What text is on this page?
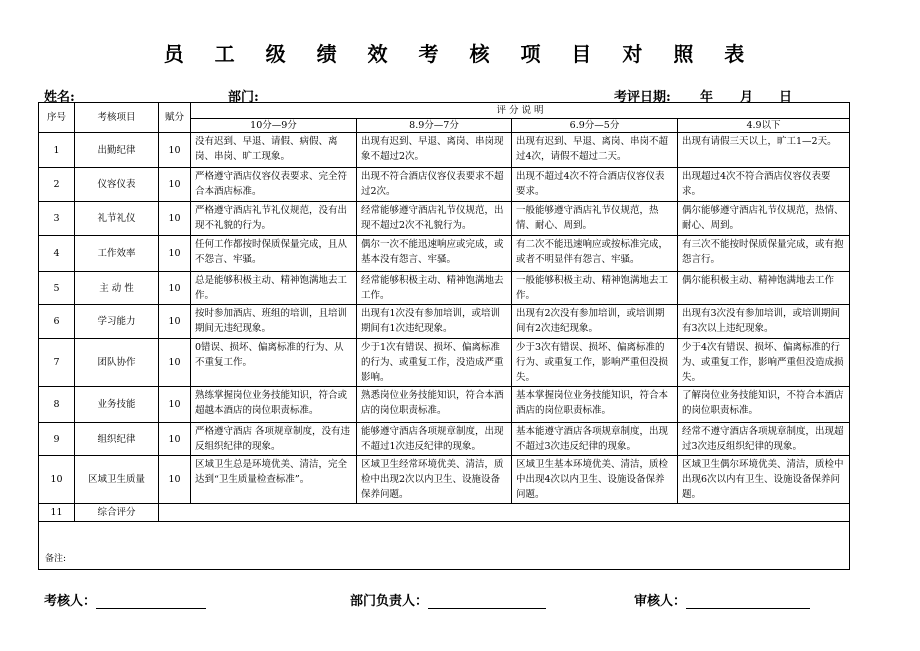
员 工 级 绩 效 考 核 项 目 对 照 表
姓名:	部门:	考评日期: 年 月 日
序号	考核项目	赋分	评 分 说 明			
			10分—9分	8.9分—7分	6.9分—5分	4.9以下
1	出勤纪律	10	没有迟到、早退、请假、病假、离岗、串岗、旷工现象。	出现有迟到、早退、离岗、串岗现象不超过2次。	出现有迟到、早退、离岗、串岗不超过4次，请假不超过二天。	出现有请假三天以上，旷工1—2天。
2	仪容仪表	10	严格遵守酒店仪容仪表要求、完全符合本酒店标准。	出现不符合酒店仪容仪表要求不超过2次。	出现不超过4次不符合酒店仪容仪表要求。	出现超过4次不符合酒店仪容仪表要求。
3	礼节礼仪	10	严格遵守酒店礼节礼仪规范，没有出现不礼貌的行为。	经常能够遵守酒店礼节仪规范，出现不超过2次不礼貌行为。	一般能够遵守酒店礼节仪规范，热情、耐心、周到。	偶尔能够遵守酒店礼节仪规范，热情、耐心、周到。
4	工作效率	10	任何工作都按时保质保量完成，且从不怨言、牢骚。	偶尔一次不能迅速响应或完成，或基本没有怨言、牢骚。	有二次不能迅速响应或按标准完成，或者不明显伴有怨言、牢骚。	有三次不能按时保质保量完成，或有抱怨言行。
5	主 动 性	10	总是能够积极主动、精神饱满地去工作。	经常能够积极主动、精神饱满地去工作。	一般能够积极主动、精神饱满地去工作。	偶尔能积极主动、精神饱满地去工作
6	学习能力	10	按时参加酒店、班组的培训，且培训期间无违纪现象。	出现有1次没有参加培训，或培训期间有1次违纪现象。	出现有2次没有参加培训，或培训期间有2次违纪现象。	出现有3次没有参加培训，或培训期间有3次以上违纪现象。
7	团队协作	10	0错误、损坏、偏离标准的行为、从不重复工作。	少于1次有错误、损坏、偏离标准的行为、或重复工作，没造成严重影响。	少于3次有错误、损坏、偏离标准的行为、或重复工作，影响严重但没损失。	少于4次有错误、损坏、偏离标准的行为、或重复工作，影响严重但没造成损失。
8	业务技能	10	熟练掌握岗位业务技能知识，符合或超越本酒店的岗位职责标准。	熟悉岗位业务技能知识，符合本酒店的岗位职责标准。	基本掌握岗位业务技能知识，符合本酒店的岗位职责标准。	了解岗位业务技能知识，不符合本酒店的岗位职责标准。
9	组织纪律	10	严格遵守酒店 各项规章制度，没有违反组织纪律的现象。	能够遵守酒店各项规章制度，出现不超过1次违反纪律的现象。	基本能遵守酒店各项规章制度，出现不超过3次违反纪律的现象。	经常不遵守酒店各项规章制度，出现超过3次违反组织纪律的现象。
10	区域卫生质量	10	区域卫生总是环境优美、清洁，完全达到“卫生质量检查标准”。	区域卫生经常环境优美、清洁，质检中出现2次以内卫生、设施设备保养问题。	区域卫生基本环境优美、清洁，质检中出现4次以内卫生、设施设备保养问题。	区域卫生偶尔环境优美、清洁，质检中出现6次以内有卫生、设施设备保养问题。
11	综合评分					

备注:						
考核人：	部门负责人：	审核人：
